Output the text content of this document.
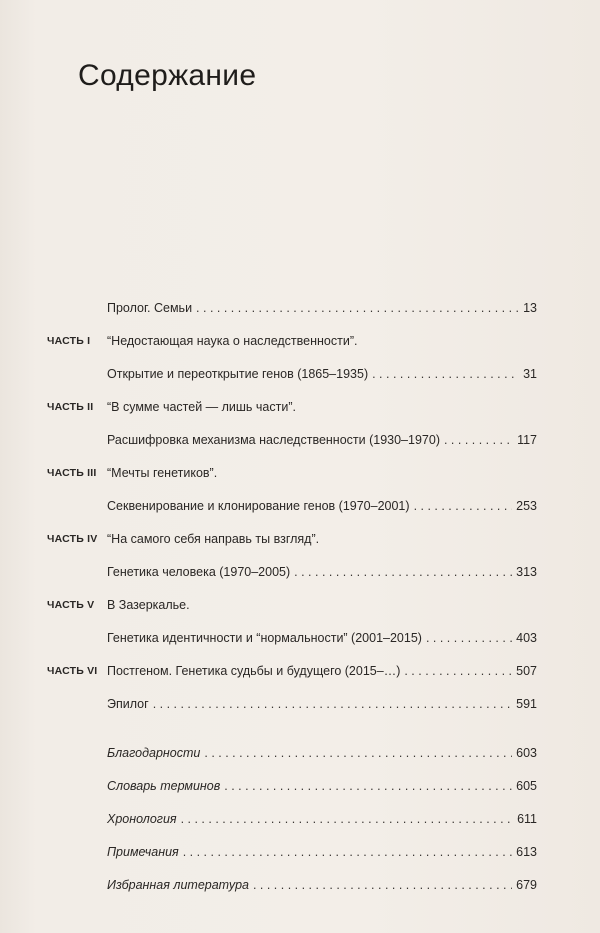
Содержание
Пролог. Семьи . . .	13
ЧАСТЬ I “Недостающая наука о наследственности”.
Открытие и переоткрытие генов (1865–1935) . . .	31
ЧАСТЬ II “В сумме частей — лишь части”.
Расшифровка механизма наследственности (1930–1970) . . .	117
ЧАСТЬ III “Мечты генетиков”.
Секвенирование и клонирование генов (1970–2001) . . .	253
ЧАСТЬ IV “На самого себя направь ты взгляд”.
Генетика человека (1970–2005) . . .	313
ЧАСТЬ V В Зазеркалье.
Генетика идентичности и “нормальности” (2001–2015) . . .	403
ЧАСТЬ VI Постгеном. Генетика судьбы и будущего (2015–…) . . .	507
Эпилог . . .	591
Благодарности . . .	603
Словарь терминов . . .	605
Хронология . . .	611
Примечания . . .	613
Избранная литература . . .	679
